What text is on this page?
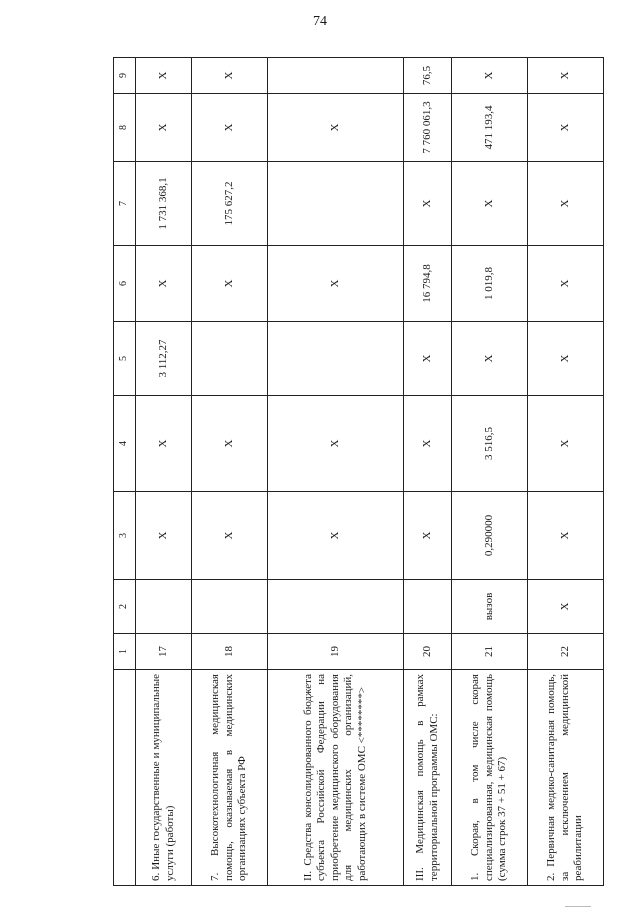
74
	1	2	3	4	5	6	7	8	9
6. Иные государственные и муниципальные услуги (работы)	17		X	X	3 112,27	X	1 731 368,1	X	X
7. Высокотехнологичная медицинская помощь, оказываемая в медицинских организациях субъекта РФ	18		X	X		X	175 627,2	X	X
II. Средства консолидированного бюджета субъекта Российской Федерации на приобретение медицинского оборудования для медицинских организаций, работающих в системе ОМС <********>	19		X	X		X		X	
III. Медицинская помощь в рамках территориальной программы ОМС:	20		X	X	X	16 794,8	X	7 760 061,3	76,5
1. Скорая, в том числе скорая специализированная, медицинская помощь (сумма строк 37 + 51 + 67)	21	вызов	0,290000	3 516,5	X	1 019,8	X	471 193,4	X
2. Первичная медико-санитарная помощь, за исключением медицинской реабилитации	22	X	X	X	X	X	X	X	X
